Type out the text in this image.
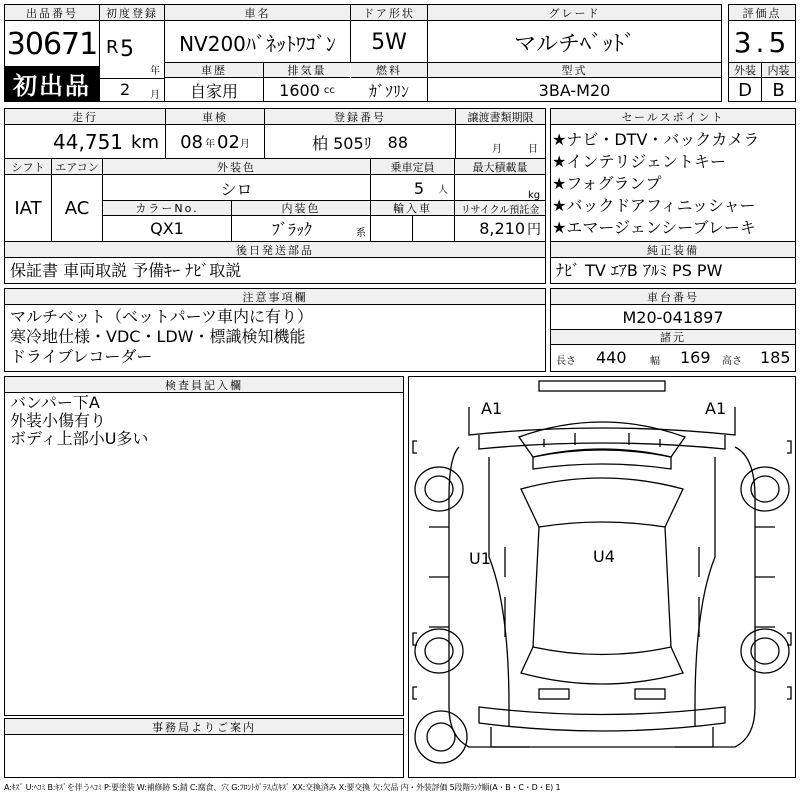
出品番号
30671
初出品
初度登録
R 5
年
2 月
車名
NV200ﾊﾞﾈｯﾄﾜｺﾞﾝ
ドア形状
5W
グレード
マルチﾍﾞｯﾄﾞ
車歴
自家用
排気量
1600 cc
燃料
ｶﾞｿﾘﾝ
型式
3BA-M20
評価点
3.5
外装	内装
D	B
走行
44,751 km
車検
08 年 02 月
登録番号
柏 505ﾘ 88
譲渡書類期限
月	日
シフト
IAT
エアコン
AC
外装色
シロ
乗車定員
5 人
最大積載量
kg
カラーNo.
QX1
内装色
ﾌﾞﾗｯｸ	系
輸入車	リサイクル預託金
8,210 円
後日発送部品
保証書 車両取説 予備ｷｰ ﾅﾋﾞ取説
セールスポイント
★ナビ・DTV・バックカメラ
★インテリジェントキー
★フォグランプ
★バックドアフィニッシャー
★エマージェンシーブレーキ
純正装備
ﾅﾋﾞ TV ｴｱB ｱﾙﾐ PS PW
注意事項欄
マルチベット（ベットパーツ車内に有り）
寒冷地仕様・VDC・LDW・標識検知機能
ドライブレコーダー
車台番号
M20-041897
諸元
長さ 440 幅 169 高さ 185
検査員記入欄
バンパー下A
外装小傷有り
ボディ上部小U多い
事務局よりご案内
A1	A1
U1	U4
A:ｷｽﾞ U:ﾍｺﾐ B:ｷｽﾞを伴うﾍｺﾐ P:要塗装 W:補修跡 S:錆 C:腐食、穴 G:ﾌﾛﾝﾄｶﾞﾗｽ点ｷｽﾞ XX:交換済み X:要交換 欠:欠品 内・外装評価 5段階ﾗﾝｸ順(A・B・C・D・E) 1
